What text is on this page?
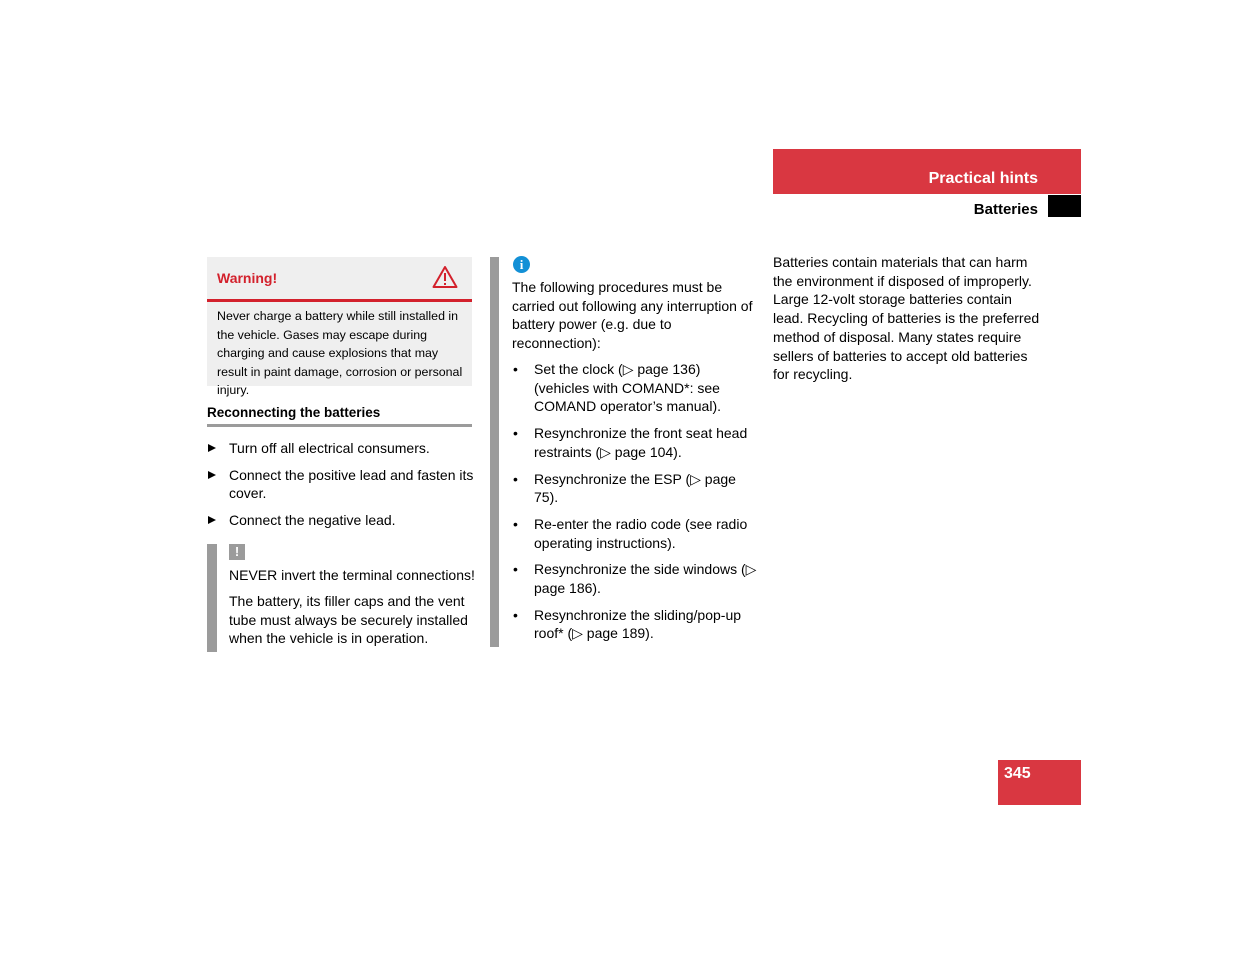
Practical hints
Batteries
Warning!
Never charge a battery while still installed in the vehicle. Gases may escape during charging and cause explosions that may result in paint damage, corrosion or personal injury.
Reconnecting the batteries
Turn off all electrical consumers.
Connect the positive lead and fasten its cover.
Connect the negative lead.
!
NEVER invert the terminal connections!
The battery, its filler caps and the vent tube must always be securely installed when the vehicle is in operation.
i
The following procedures must be carried out following any interruption of battery power (e.g. due to reconnection):
• Set the clock (▷ page 136) (vehicles with COMAND*: see COMAND operator’s manual).
• Resynchronize the front seat head restraints (▷ page 104).
• Resynchronize the ESP (▷ page 75).
• Re-enter the radio code (see radio operating instructions).
• Resynchronize the side windows (▷ page 186).
• Resynchronize the sliding/pop-up roof* (▷ page 189).
Batteries contain materials that can harm the environment if disposed of improperly. Large 12-volt storage batteries contain lead. Recycling of batteries is the preferred method of disposal. Many states require sellers of batteries to accept old batteries for recycling.
345
